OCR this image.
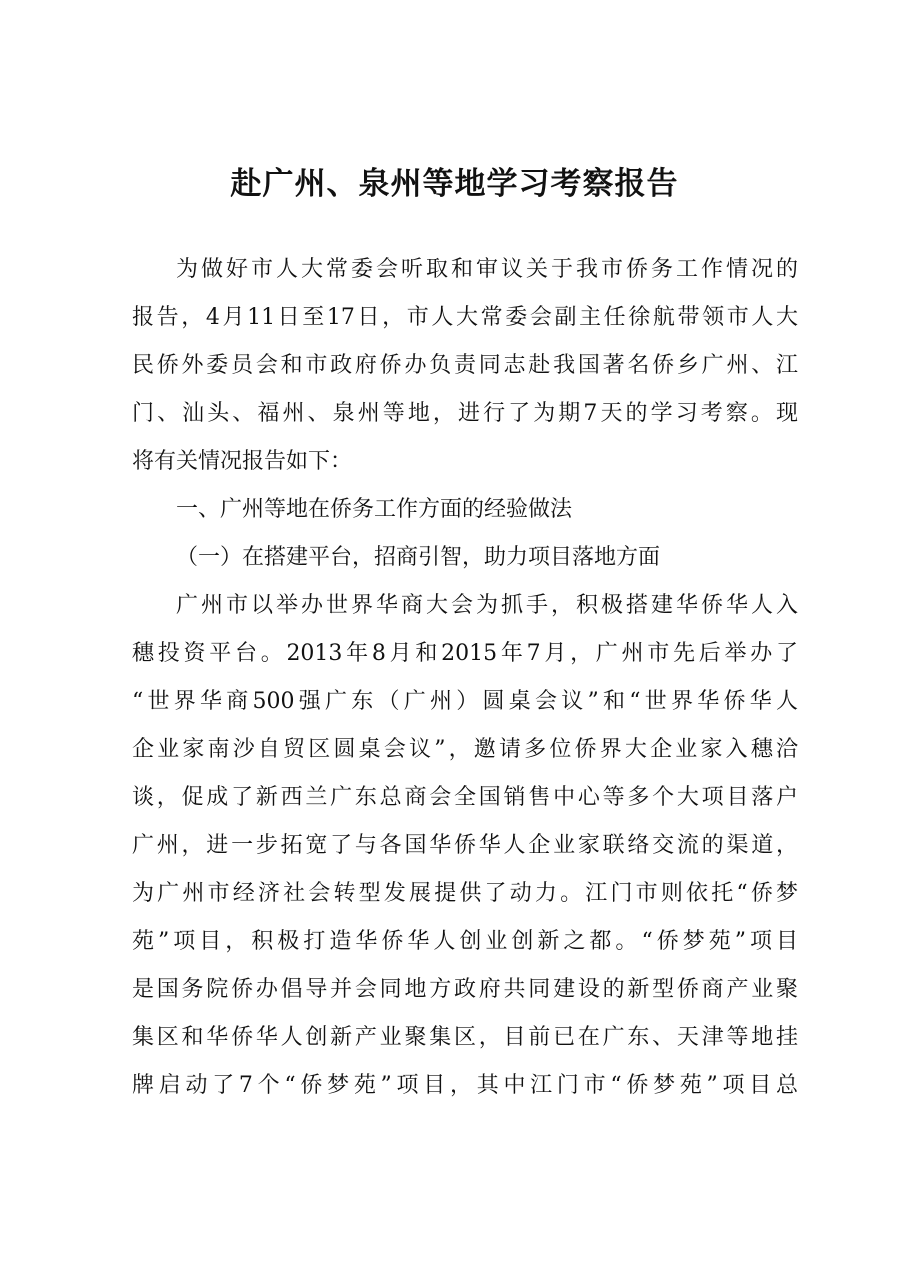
赴广州、泉州等地学习考察报告
为做好市人大常委会听取和审议关于我市侨务工作情况的
报告，4月11日至17日，市人大常委会副主任徐航带领市人大
民侨外委员会和市政府侨办负责同志赴我国著名侨乡广州、江
门、汕头、福州、泉州等地，进行了为期7天的学习考察。现
将有关情况报告如下：
一、广州等地在侨务工作方面的经验做法
（一）在搭建平台，招商引智，助力项目落地方面
广州市以举办世界华商大会为抓手，积极搭建华侨华人入
穗投资平台。2013年8月和2015年7月，广州市先后举办了
“世界华商500强广东（广州）圆桌会议”和“世界华侨华人
企业家南沙自贸区圆桌会议”，邀请多位侨界大企业家入穗洽
谈，促成了新西兰广东总商会全国销售中心等多个大项目落户
广州，进一步拓宽了与各国华侨华人企业家联络交流的渠道，
为广州市经济社会转型发展提供了动力。江门市则依托“侨梦
苑”项目，积极打造华侨华人创业创新之都。“侨梦苑”项目
是国务院侨办倡导并会同地方政府共同建设的新型侨商产业聚
集区和华侨华人创新产业聚集区，目前已在广东、天津等地挂
牌启动了7个“侨梦苑”项目，其中江门市“侨梦苑”项目总
